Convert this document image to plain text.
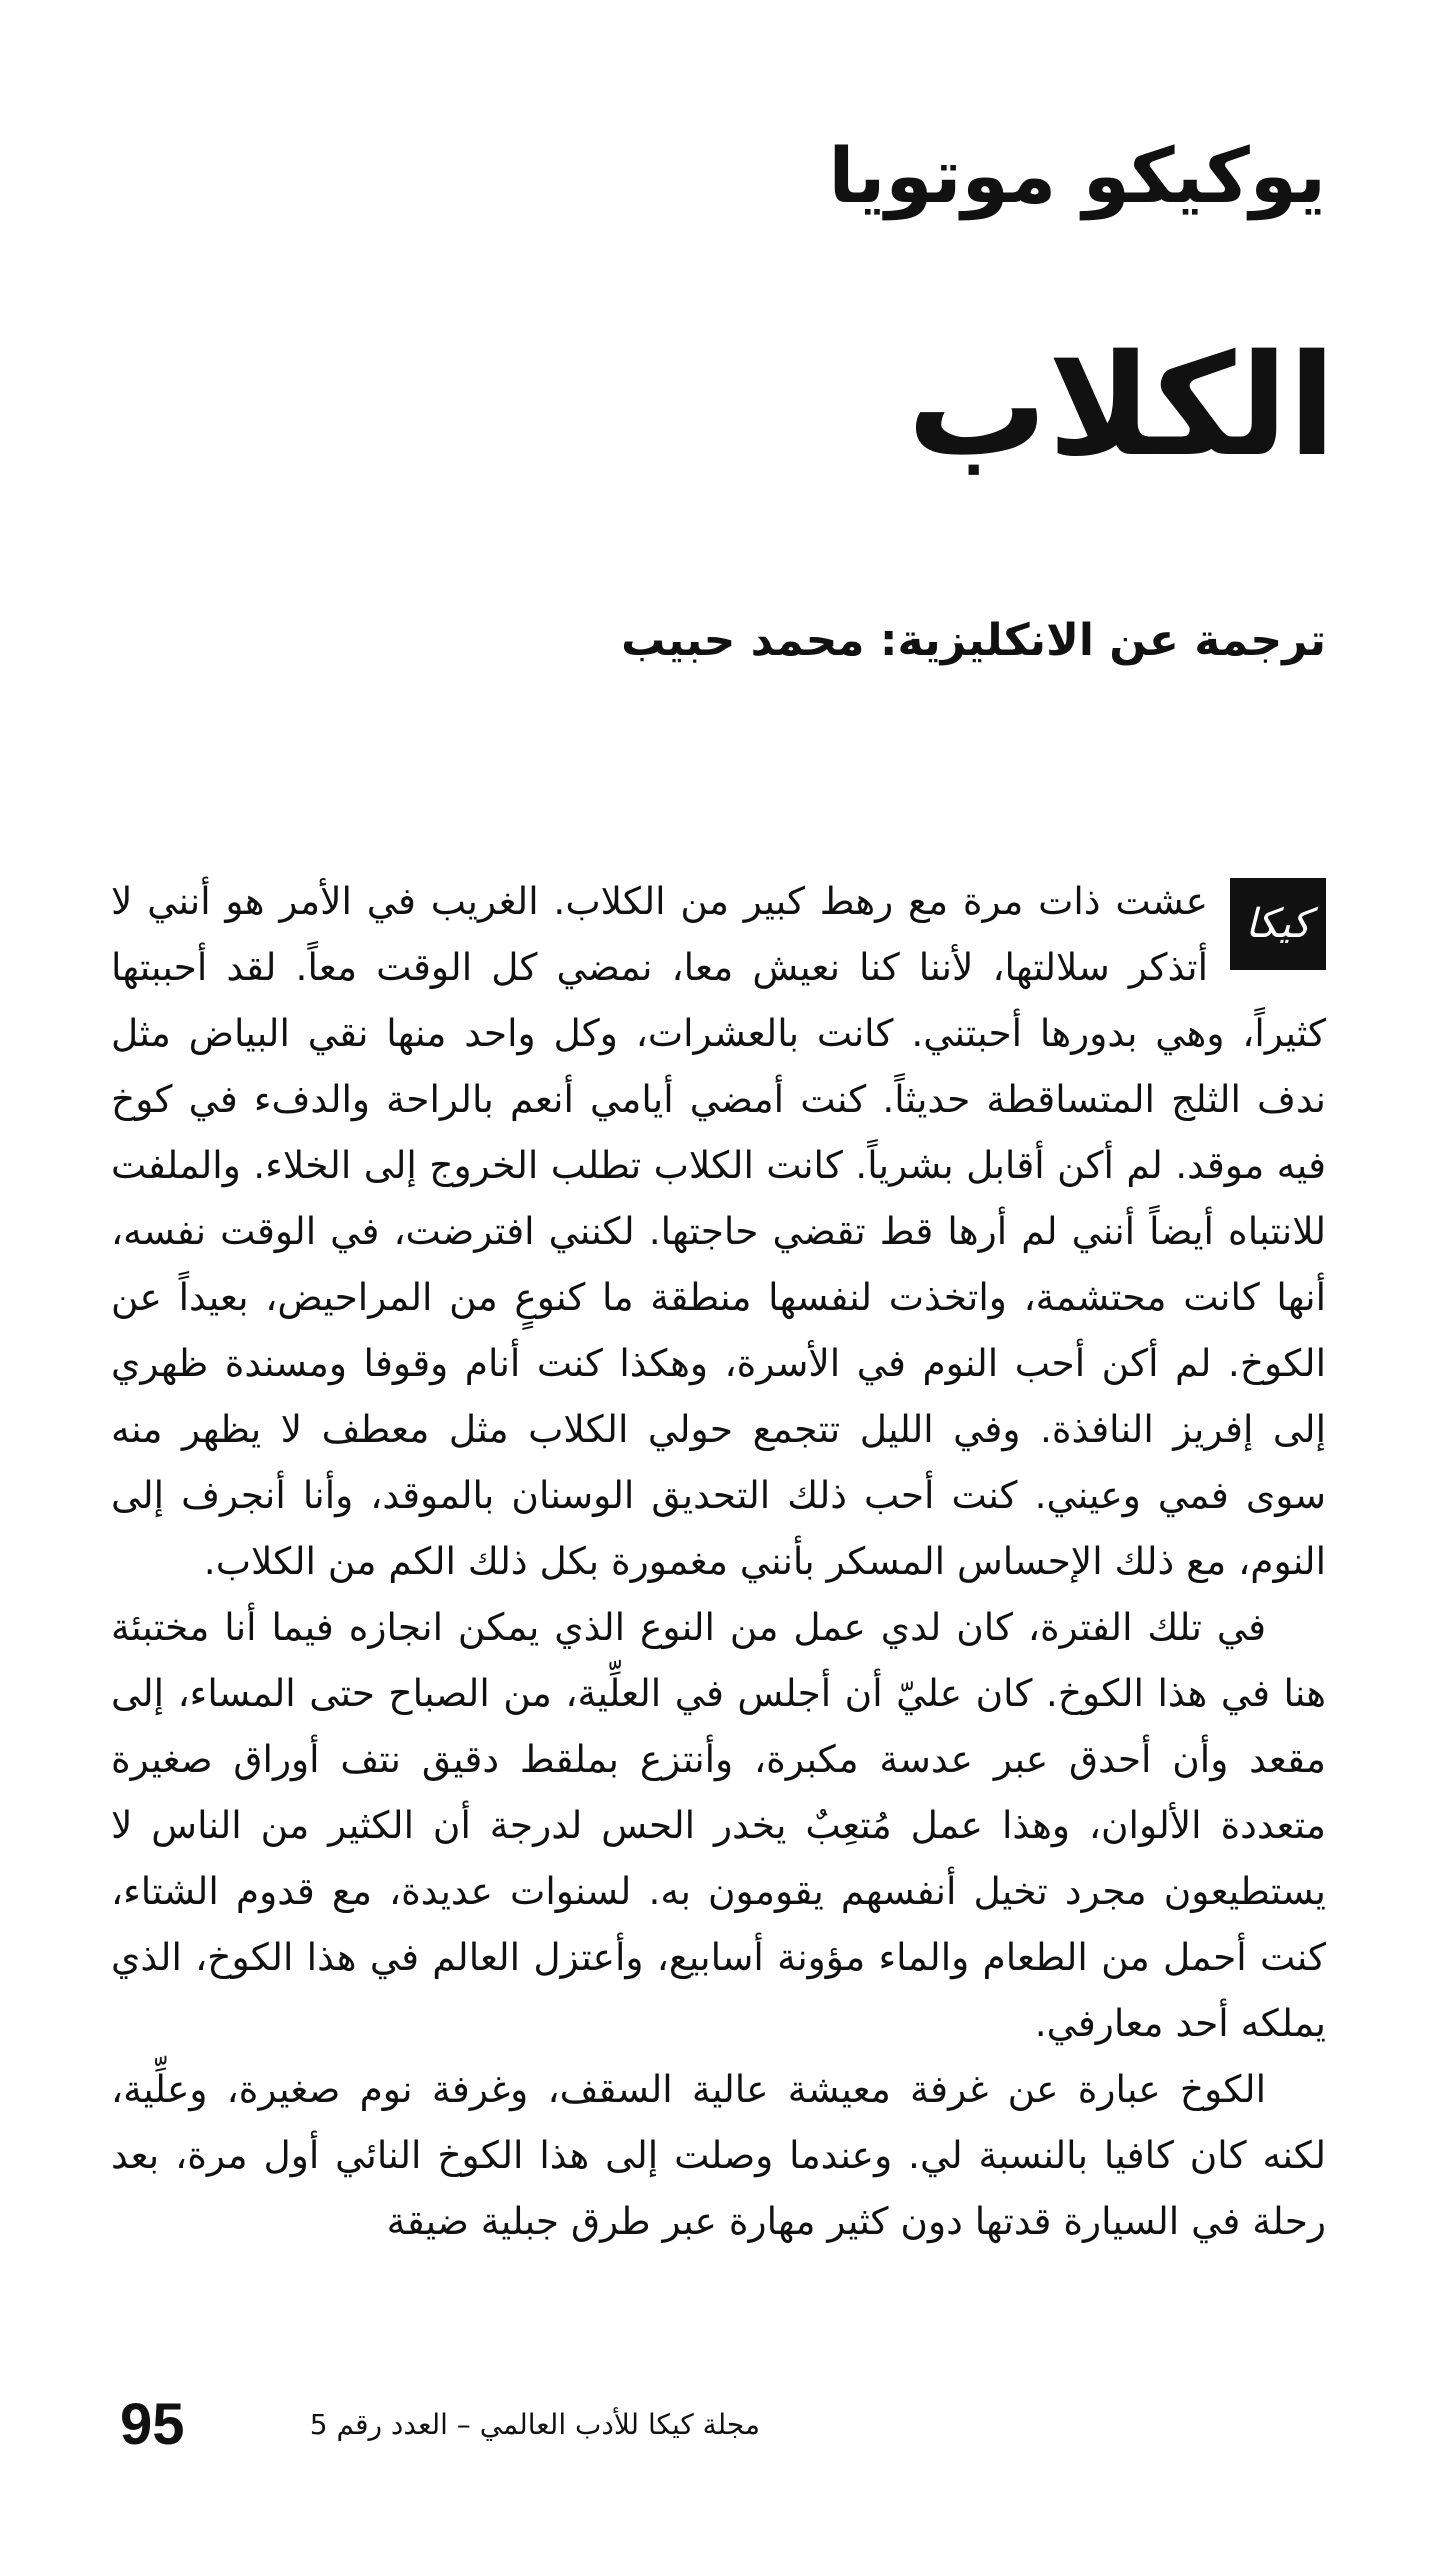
يوكيكو موتويا
الكلاب
ترجمة عن الانكليزية: محمد حبيب
كيكا

عشت ذات مرة مع رهط كبير من الكلاب. الغريب في الأمر هو أنني لا أتذكر سلالتها، لأننا كنا نعيش معا، نمضي كل الوقت معاً. لقد أحببتها كثيراً، وهي بدورها أحبتني. كانت بالعشرات، وكل واحد منها نقي البياض مثل ندف الثلج المتساقطة حديثاً. كنت أمضي أيامي أنعم بالراحة والدفء في كوخ فيه موقد. لم أكن أقابل بشرياً. كانت الكلاب تطلب الخروج إلى الخلاء. والملفت للانتباه أيضاً أنني لم أرها قط تقضي حاجتها. لكنني افترضت، في الوقت نفسه، أنها كانت محتشمة، واتخذت لنفسها منطقة ما كنوعٍ من المراحيض، بعيداً عن الكوخ. لم أكن أحب النوم في الأسرة، وهكذا كنت أنام وقوفا ومسندة ظهري إلى إفريز النافذة. وفي الليل تتجمع حولي الكلاب مثل معطف لا يظهر منه سوى فمي وعيني. كنت أحب ذلك التحديق الوسنان بالموقد، وأنا أنجرف إلى النوم، مع ذلك الإحساس المسكر بأنني مغمورة بكل ذلك الكم من الكلاب.

في تلك الفترة، كان لدي عمل من النوع الذي يمكن انجازه فيما أنا مختبئة هنا في هذا الكوخ. كان عليّ أن أجلس في العلِّية، من الصباح حتى المساء، إلى مقعد وأن أحدق عبر عدسة مكبرة، وأنتزع بملقط دقيق نتف أوراق صغيرة متعددة الألوان، وهذا عمل مُتعِبٌ يخدر الحس لدرجة أن الكثير من الناس لا يستطيعون مجرد تخيل أنفسهم يقومون به. لسنوات عديدة، مع قدوم الشتاء، كنت أحمل من الطعام والماء مؤونة أسابيع، وأعتزل العالم في هذا الكوخ، الذي يملكه أحد معارفي.

الكوخ عبارة عن غرفة معيشة عالية السقف، وغرفة نوم صغيرة، وعلِّية، لكنه كان كافيا بالنسبة لي. وعندما وصلت إلى هذا الكوخ النائي أول مرة، بعد رحلة في السيارة قدتها دون كثير مهارة عبر طرق جبلية ضيقة

95	مجلة كيكا للأدب العالمي – العدد رقم 5
